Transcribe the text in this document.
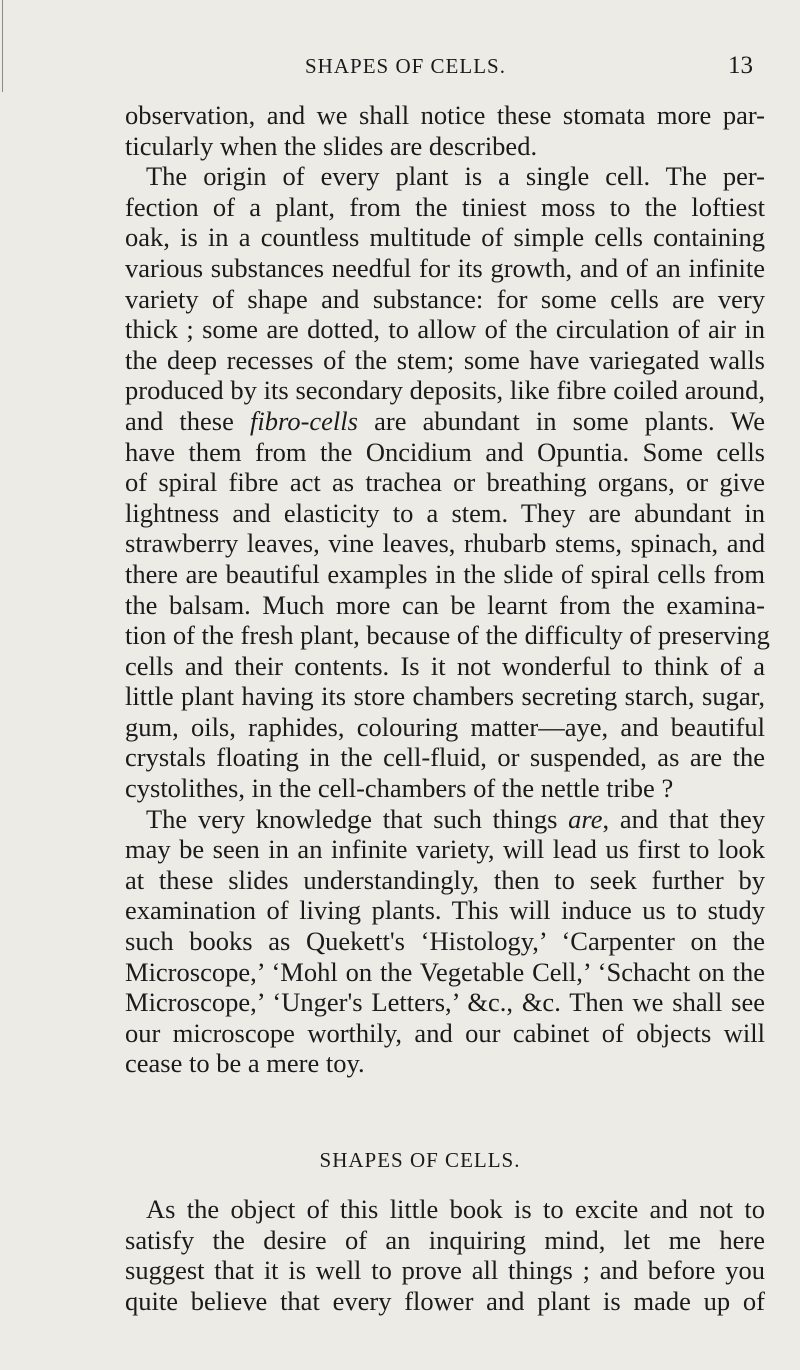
SHAPES OF CELLS.	13
observation, and we shall notice these stomata more par-
ticularly when the slides are described.
The origin of every plant is a single cell. The per-
fection of a plant, from the tiniest moss to the loftiest
oak, is in a countless multitude of simple cells containing
various substances needful for its growth, and of an infinite
variety of shape and substance: for some cells are very
thick ; some are dotted, to allow of the circulation of air in
the deep recesses of the stem; some have variegated walls
produced by its secondary deposits, like fibre coiled around,
and these fibro-cells are abundant in some plants. We
have them from the Oncidium and Opuntia. Some cells
of spiral fibre act as trachea or breathing organs, or give
lightness and elasticity to a stem. They are abundant in
strawberry leaves, vine leaves, rhubarb stems, spinach, and
there are beautiful examples in the slide of spiral cells from
the balsam. Much more can be learnt from the examina-
tion of the fresh plant, because of the difficulty of preserving
cells and their contents. Is it not wonderful to think of a
little plant having its store chambers secreting starch, sugar,
gum, oils, raphides, colouring matter—aye, and beautiful
crystals floating in the cell-fluid, or suspended, as are the
cystolithes, in the cell-chambers of the nettle tribe ?
The very knowledge that such things are, and that they
may be seen in an infinite variety, will lead us first to look
at these slides understandingly, then to seek further by
examination of living plants. This will induce us to study
such books as Quekett's ‘Histology,’ ‘Carpenter on the
Microscope,’ ‘Mohl on the Vegetable Cell,’ ‘Schacht on the
Microscope,’ ‘Unger's Letters,’ &c., &c. Then we shall see
our microscope worthily, and our cabinet of objects will
cease to be a mere toy.
SHAPES OF CELLS.
As the object of this little book is to excite and not to
satisfy the desire of an inquiring mind, let me here
suggest that it is well to prove all things ; and before you
quite believe that every flower and plant is made up of
